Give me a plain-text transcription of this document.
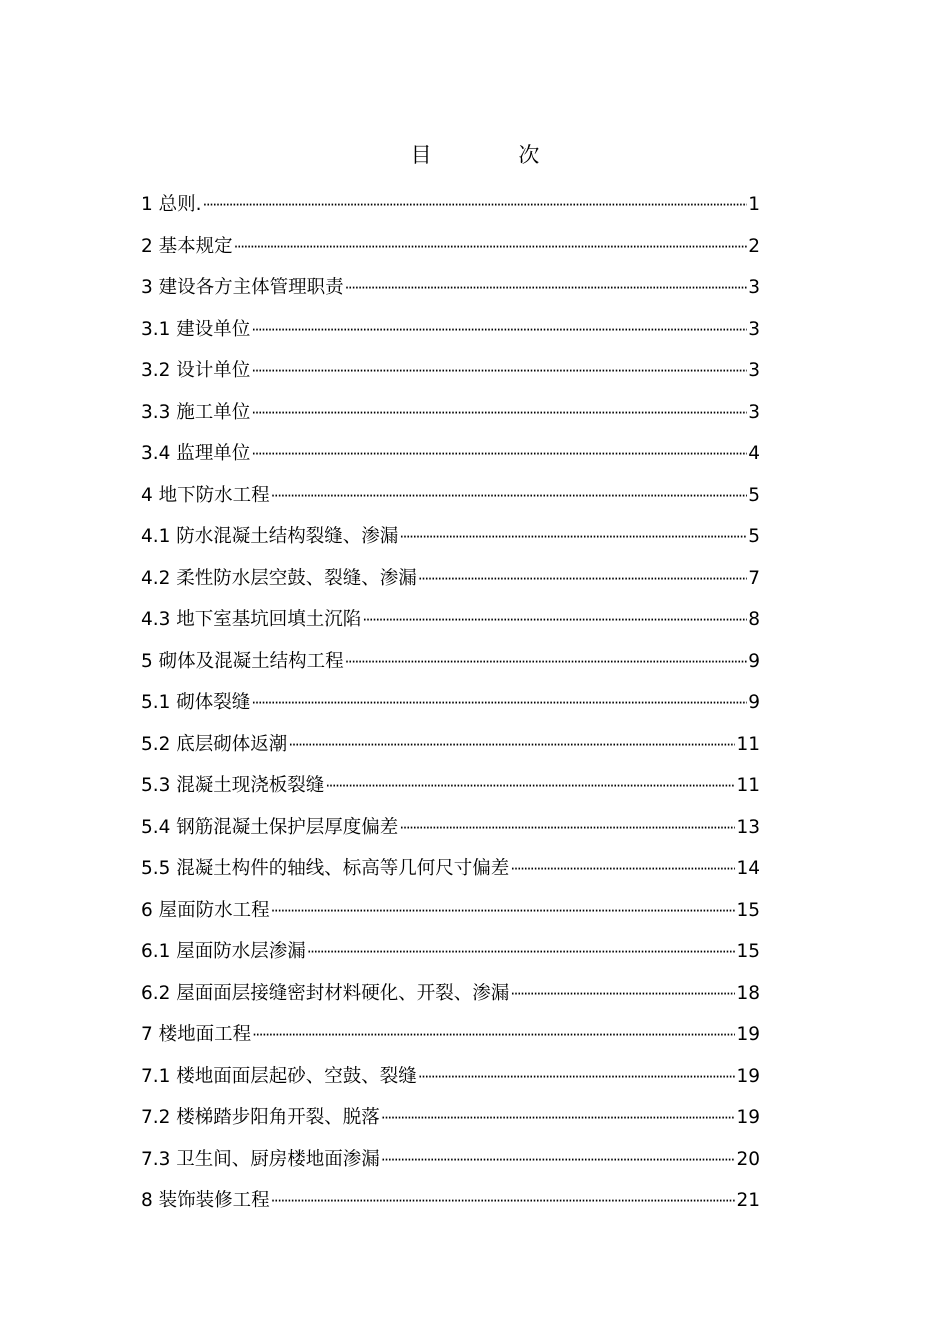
目 次
1 总则. ·····	1
2 基本规定 ·····	2
3 建设各方主体管理职责 ·····	3
3.1 建设单位 ·····	3
3.2 设计单位 ·····	3
3.3 施工单位 ·····	3
3.4 监理单位 ·····	4
4 地下防水工程 ·····	5
4.1 防水混凝土结构裂缝、渗漏 ·····	5
4.2 柔性防水层空鼓、裂缝、渗漏 ·····	7
4.3 地下室基坑回填土沉陷 ·····	8
5 砌体及混凝土结构工程 ·····	9
5.1 砌体裂缝 ·····	9
5.2 底层砌体返潮 ·····	11
5.3 混凝土现浇板裂缝 ·····	11
5.4 钢筋混凝土保护层厚度偏差 ·····	13
5.5 混凝土构件的轴线、标高等几何尺寸偏差 ·····	14
6 屋面防水工程 ·····	15
6.1 屋面防水层渗漏 ·····	15
6.2 屋面面层接缝密封材料硬化、开裂、渗漏 ·····	18
7 楼地面工程 ·····	19
7.1 楼地面面层起砂、空鼓、裂缝 ·····	19
7.2 楼梯踏步阳角开裂、脱落 ·····	19
7.3 卫生间、厨房楼地面渗漏 ·····	20
8 装饰装修工程 ·····	21
